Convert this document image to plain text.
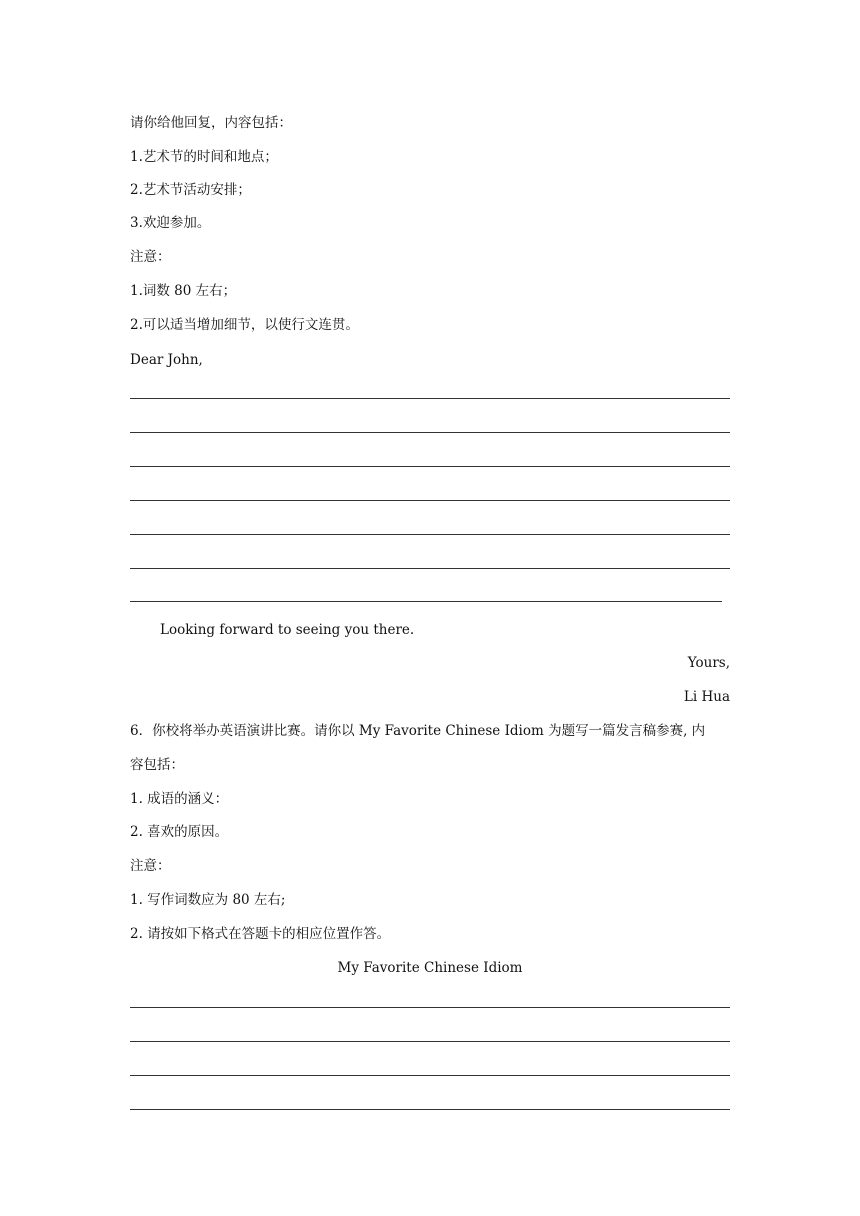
请你给他回复，内容包括：
1.艺术节的时间和地点；
2.艺术节活动安排；
3.欢迎参加。
注意：
1.词数 80 左右；
2.可以适当增加细节，以使行文连贯。
Dear John,
Looking forward to seeing you there.
Yours,
Li Hua
6．你校将举办英语演讲比赛。请你以 My Favorite Chinese Idiom 为题写一篇发言稿参赛, 内
容包括：
1. 成语的涵义：
2. 喜欢的原因。
注意：
1. 写作词数应为 80 左右;
2. 请按如下格式在答题卡的相应位置作答。
My Favorite Chinese Idiom
